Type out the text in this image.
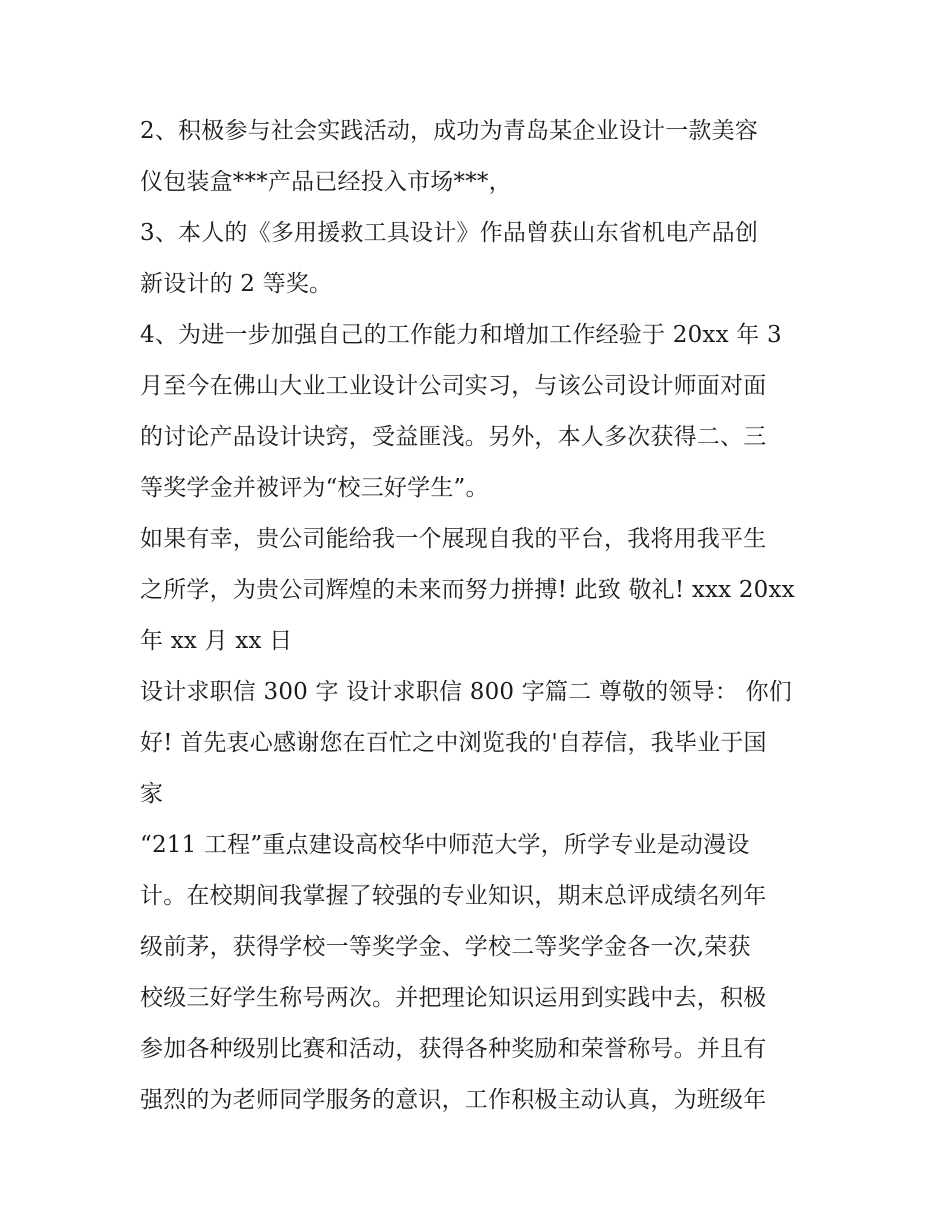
2、积极参与社会实践活动，成功为青岛某企业设计一款美容
仪包装盒***产品已经投入市场***，
3、本人的《多用援救工具设计》作品曾获山东省机电产品创
新设计的 2 等奖。
4、为进一步加强自己的工作能力和增加工作经验于 20xx 年 3
月至今在佛山大业工业设计公司实习，与该公司设计师面对面
的讨论产品设计诀窍，受益匪浅。另外，本人多次获得二、三
等奖学金并被评为“校三好学生”。
如果有幸，贵公司能给我一个展现自我的平台，我将用我平生
之所学，为贵公司辉煌的未来而努力拼搏! 此致 敬礼! xxx 20xx
年 xx 月 xx 日
设计求职信 300 字 设计求职信 800 字篇二 尊敬的领导： 你们
好! 首先衷心感谢您在百忙之中浏览我的'自荐信，我毕业于国
家
“211 工程”重点建设高校华中师范大学，所学专业是动漫设
计。在校期间我掌握了较强的专业知识，期末总评成绩名列年
级前茅，获得学校一等奖学金、学校二等奖学金各一次,荣获
校级三好学生称号两次。并把理论知识运用到实践中去，积极
参加各种级别比赛和活动，获得各种奖励和荣誉称号。并且有
强烈的为老师同学服务的意识，工作积极主动认真，为班级年
